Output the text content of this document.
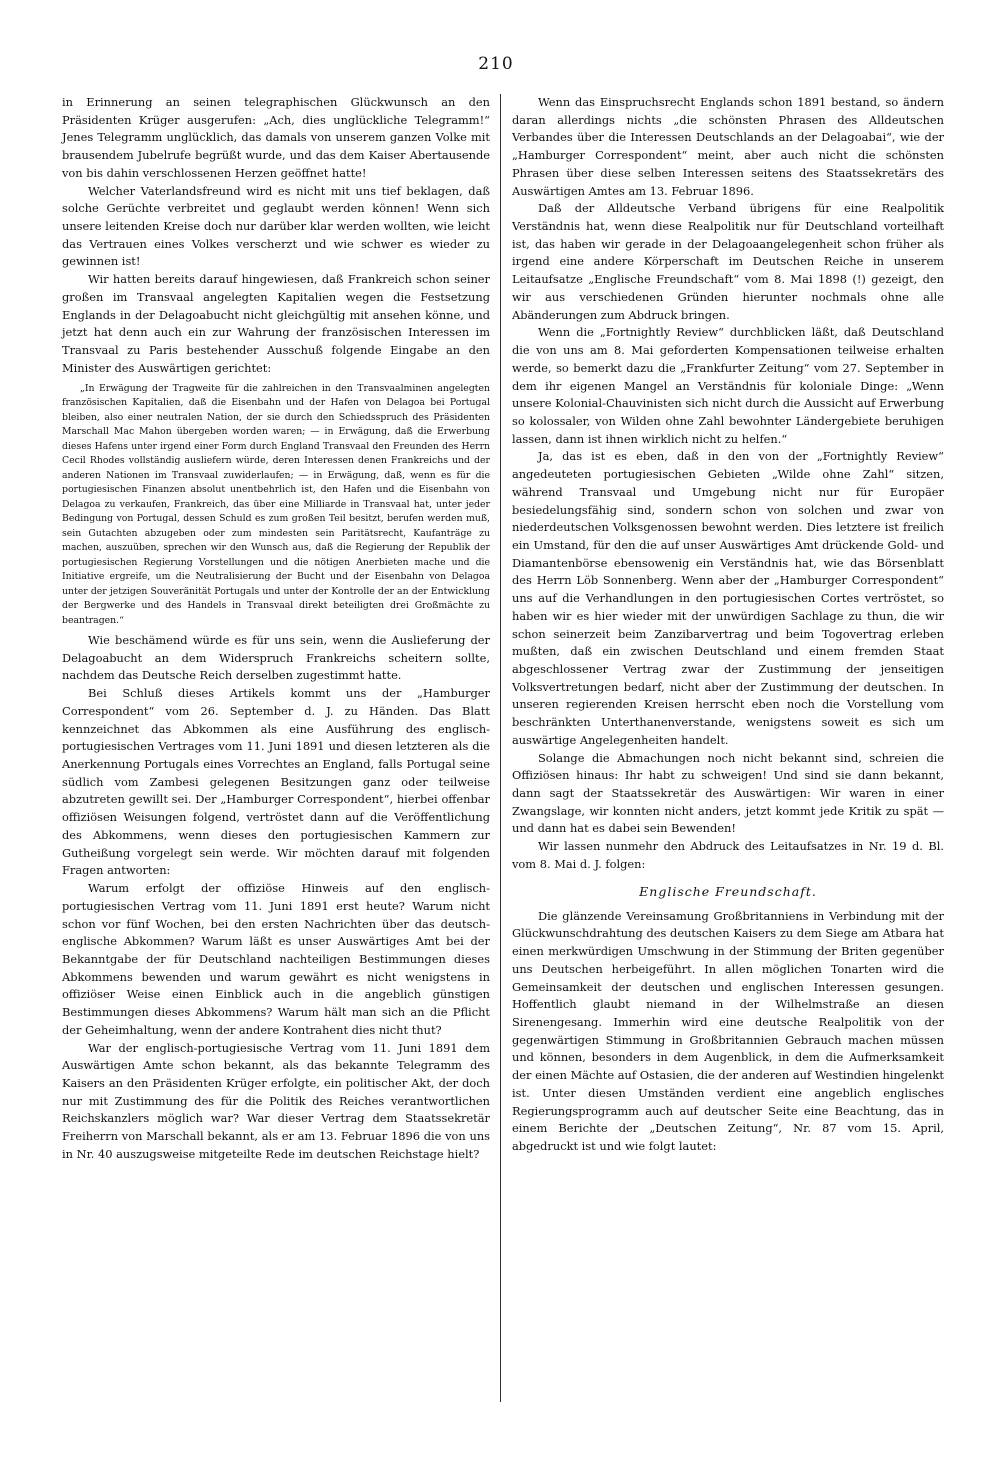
210

in Erinnerung an seinen telegraphischen Glückwunsch an den Präsidenten Krüger ausgerufen: „Ach, dies unglückliche Telegramm!“ Jenes Telegramm unglücklich, das damals von unserem ganzen Volke mit brausendem Jubelrufe begrüßt wurde, und das dem Kaiser Abertausende von bis dahin verschlossenen Herzen geöffnet hatte!

Welcher Vaterlandsfreund wird es nicht mit uns tief beklagen, daß solche Gerüchte verbreitet und geglaubt werden können! Wenn sich unsere leitenden Kreise doch nur darüber klar werden wollten, wie leicht das Vertrauen eines Volkes verscherzt und wie schwer es wieder zu gewinnen ist!

Wir hatten bereits darauf hingewiesen, daß Frankreich schon seiner großen im Transvaal angelegten Kapitalien wegen die Festsetzung Englands in der Delagoabucht nicht gleichgültig mit ansehen könne, und jetzt hat denn auch ein zur Wahrung der französischen Interessen im Transvaal zu Paris bestehender Ausschuß folgende Eingabe an den Minister des Auswärtigen gerichtet:

„In Erwägung der Tragweite für die zahlreichen in den Transvaalminen angelegten französischen Kapitalien, daß die Eisenbahn und der Hafen von Delagoa bei Portugal bleiben, also einer neutralen Nation, der sie durch den Schiedsspruch des Präsidenten Marschall Mac Mahon übergeben worden waren; — in Erwägung, daß die Erwerbung dieses Hafens unter irgend einer Form durch England Transvaal den Freunden des Herrn Cecil Rhodes vollständig ausliefern würde, deren Interessen denen Frankreichs und der anderen Nationen im Transvaal zuwiderlaufen; — in Erwägung, daß, wenn es für die portugiesischen Finanzen absolut unentbehrlich ist, den Hafen und die Eisenbahn von Delagoa zu verkaufen, Frankreich, das über eine Milliarde in Transvaal hat, unter jeder Bedingung von Portugal, dessen Schuld es zum großen Teil besitzt, berufen werden muß, sein Gutachten abzugeben oder zum mindesten sein Paritätsrecht, Kaufanträge zu machen, auszuüben, sprechen wir den Wunsch aus, daß die Regierung der Republik der portugiesischen Regierung Vorstellungen und die nötigen Anerbieten mache und die Initiative ergreife, um die Neutralisierung der Bucht und der Eisenbahn von Delagoa unter der jetzigen Souveränität Portugals und unter der Kontrolle der an der Entwicklung der Bergwerke und des Handels in Transvaal direkt beteiligten drei Großmächte zu beantragen.“

Wie beschämend würde es für uns sein, wenn die Auslieferung der Delagoabucht an dem Widerspruch Frankreichs scheitern sollte, nachdem das Deutsche Reich derselben zugestimmt hatte.

Bei Schluß dieses Artikels kommt uns der „Hamburger Correspondent“ vom 26. September d. J. zu Händen. Das Blatt kennzeichnet das Abkommen als eine Ausführung des englisch-portugiesischen Vertrages vom 11. Juni 1891 und diesen letzteren als die Anerkennung Portugals eines Vorrechtes an England, falls Portugal seine südlich vom Zambesi gelegenen Besitzungen ganz oder teilweise abzutreten gewillt sei. Der „Hamburger Correspondent“, hierbei offenbar offiziösen Weisungen folgend, vertröstet dann auf die Veröffentlichung des Abkommens, wenn dieses den portugiesischen Kammern zur Gutheißung vorgelegt sein werde. Wir möchten darauf mit folgenden Fragen antworten:

Warum erfolgt der offiziöse Hinweis auf den englisch-portugiesischen Vertrag vom 11. Juni 1891 erst heute? Warum nicht schon vor fünf Wochen, bei den ersten Nachrichten über das deutsch-englische Abkommen? Warum läßt es unser Auswärtiges Amt bei der Bekanntgabe der für Deutschland nachteiligen Bestimmungen dieses Abkommens bewenden und warum gewährt es nicht wenigstens in offiziöser Weise einen Einblick auch in die angeblich günstigen Bestimmungen dieses Abkommens? Warum hält man sich an die Pflicht der Geheimhaltung, wenn der andere Kontrahent dies nicht thut?

War der englisch-portugiesische Vertrag vom 11. Juni 1891 dem Auswärtigen Amte schon bekannt, als das bekannte Telegramm des Kaisers an den Präsidenten Krüger erfolgte, ein politischer Akt, der doch nur mit Zustimmung des für die Politik des Reiches verantwortlichen Reichskanzlers möglich war? War dieser Vertrag dem Staatssekretär Freiherrn von Marschall bekannt, als er am 13. Februar 1896 die von uns in Nr. 40 auszugsweise mitgeteilte Rede im deutschen Reichstage hielt?

Wenn das Einspruchsrecht Englands schon 1891 bestand, so ändern daran allerdings nichts „die schönsten Phrasen des Alldeutschen Verbandes über die Interessen Deutschlands an der Delagoabai“, wie der „Hamburger Correspondent“ meint, aber auch nicht die schönsten Phrasen über diese selben Interessen seitens des Staatssekretärs des Auswärtigen Amtes am 13. Februar 1896.

Daß der Alldeutsche Verband übrigens für eine Realpolitik Verständnis hat, wenn diese Realpolitik nur für Deutschland vorteilhaft ist, das haben wir gerade in der Delagoaangelegenheit schon früher als irgend eine andere Körperschaft im Deutschen Reiche in unserem Leitaufsatze „Englische Freundschaft“ vom 8. Mai 1898 (!) gezeigt, den wir aus verschiedenen Gründen hierunter nochmals ohne alle Abänderungen zum Abdruck bringen.

Wenn die „Fortnightly Review“ durchblicken läßt, daß Deutschland die von uns am 8. Mai geforderten Kompensationen teilweise erhalten werde, so bemerkt dazu die „Frankfurter Zeitung“ vom 27. September in dem ihr eigenen Mangel an Verständnis für koloniale Dinge: „Wenn unsere Kolonial-Chauvinisten sich nicht durch die Aussicht auf Erwerbung so kolossaler, von Wilden ohne Zahl bewohnter Ländergebiete beruhigen lassen, dann ist ihnen wirklich nicht zu helfen.“

Ja, das ist es eben, daß in den von der „Fortnightly Review“ angedeuteten portugiesischen Gebieten „Wilde ohne Zahl“ sitzen, während Transvaal und Umgebung nicht nur für Europäer besiedelungsfähig sind, sondern schon von solchen und zwar von niederdeutschen Volksgenossen bewohnt werden. Dies letztere ist freilich ein Umstand, für den die auf unser Auswärtiges Amt drückende Gold- und Diamantenbörse ebensowenig ein Verständnis hat, wie das Börsenblatt des Herrn Löb Sonnenberg. Wenn aber der „Hamburger Correspondent“ uns auf die Verhandlungen in den portugiesischen Cortes vertröstet, so haben wir es hier wieder mit der unwürdigen Sachlage zu thun, die wir schon seinerzeit beim Zanzibarvertrag und beim Togovertrag erleben mußten, daß ein zwischen Deutschland und einem fremden Staat abgeschlossener Vertrag zwar der Zustimmung der jenseitigen Volksvertretungen bedarf, nicht aber der Zustimmung der deutschen. In unseren regierenden Kreisen herrscht eben noch die Vorstellung vom beschränkten Unterthanenverstande, wenigstens soweit es sich um auswärtige Angelegenheiten handelt.

Solange die Abmachungen noch nicht bekannt sind, schreien die Offiziösen hinaus: Ihr habt zu schweigen! Und sind sie dann bekannt, dann sagt der Staatssekretär des Auswärtigen: Wir waren in einer Zwangslage, wir konnten nicht anders, jetzt kommt jede Kritik zu spät — und dann hat es dabei sein Bewenden!

Wir lassen nunmehr den Abdruck des Leitaufsatzes in Nr. 19 d. Bl. vom 8. Mai d. J. folgen:

Englische Freundschaft.

Die glänzende Vereinsamung Großbritanniens in Verbindung mit der Glückwunschdrahtung des deutschen Kaisers zu dem Siege am Atbara hat einen merkwürdigen Umschwung in der Stimmung der Briten gegenüber uns Deutschen herbeigeführt. In allen möglichen Tonarten wird die Gemeinsamkeit der deutschen und englischen Interessen gesungen. Hoffentlich glaubt niemand in der Wilhelmstraße an diesen Sirenengesang. Immerhin wird eine deutsche Realpolitik von der gegenwärtigen Stimmung in Großbritannien Gebrauch machen müssen und können, besonders in dem Augenblick, in dem die Aufmerksamkeit der einen Mächte auf Ostasien, die der anderen auf Westindien hingelenkt ist. Unter diesen Umständen verdient eine angeblich englisches Regierungsprogramm auch auf deutscher Seite eine Beachtung, das in einem Berichte der „Deutschen Zeitung“, Nr. 87 vom 15. April, abgedruckt ist und wie folgt lautet:
